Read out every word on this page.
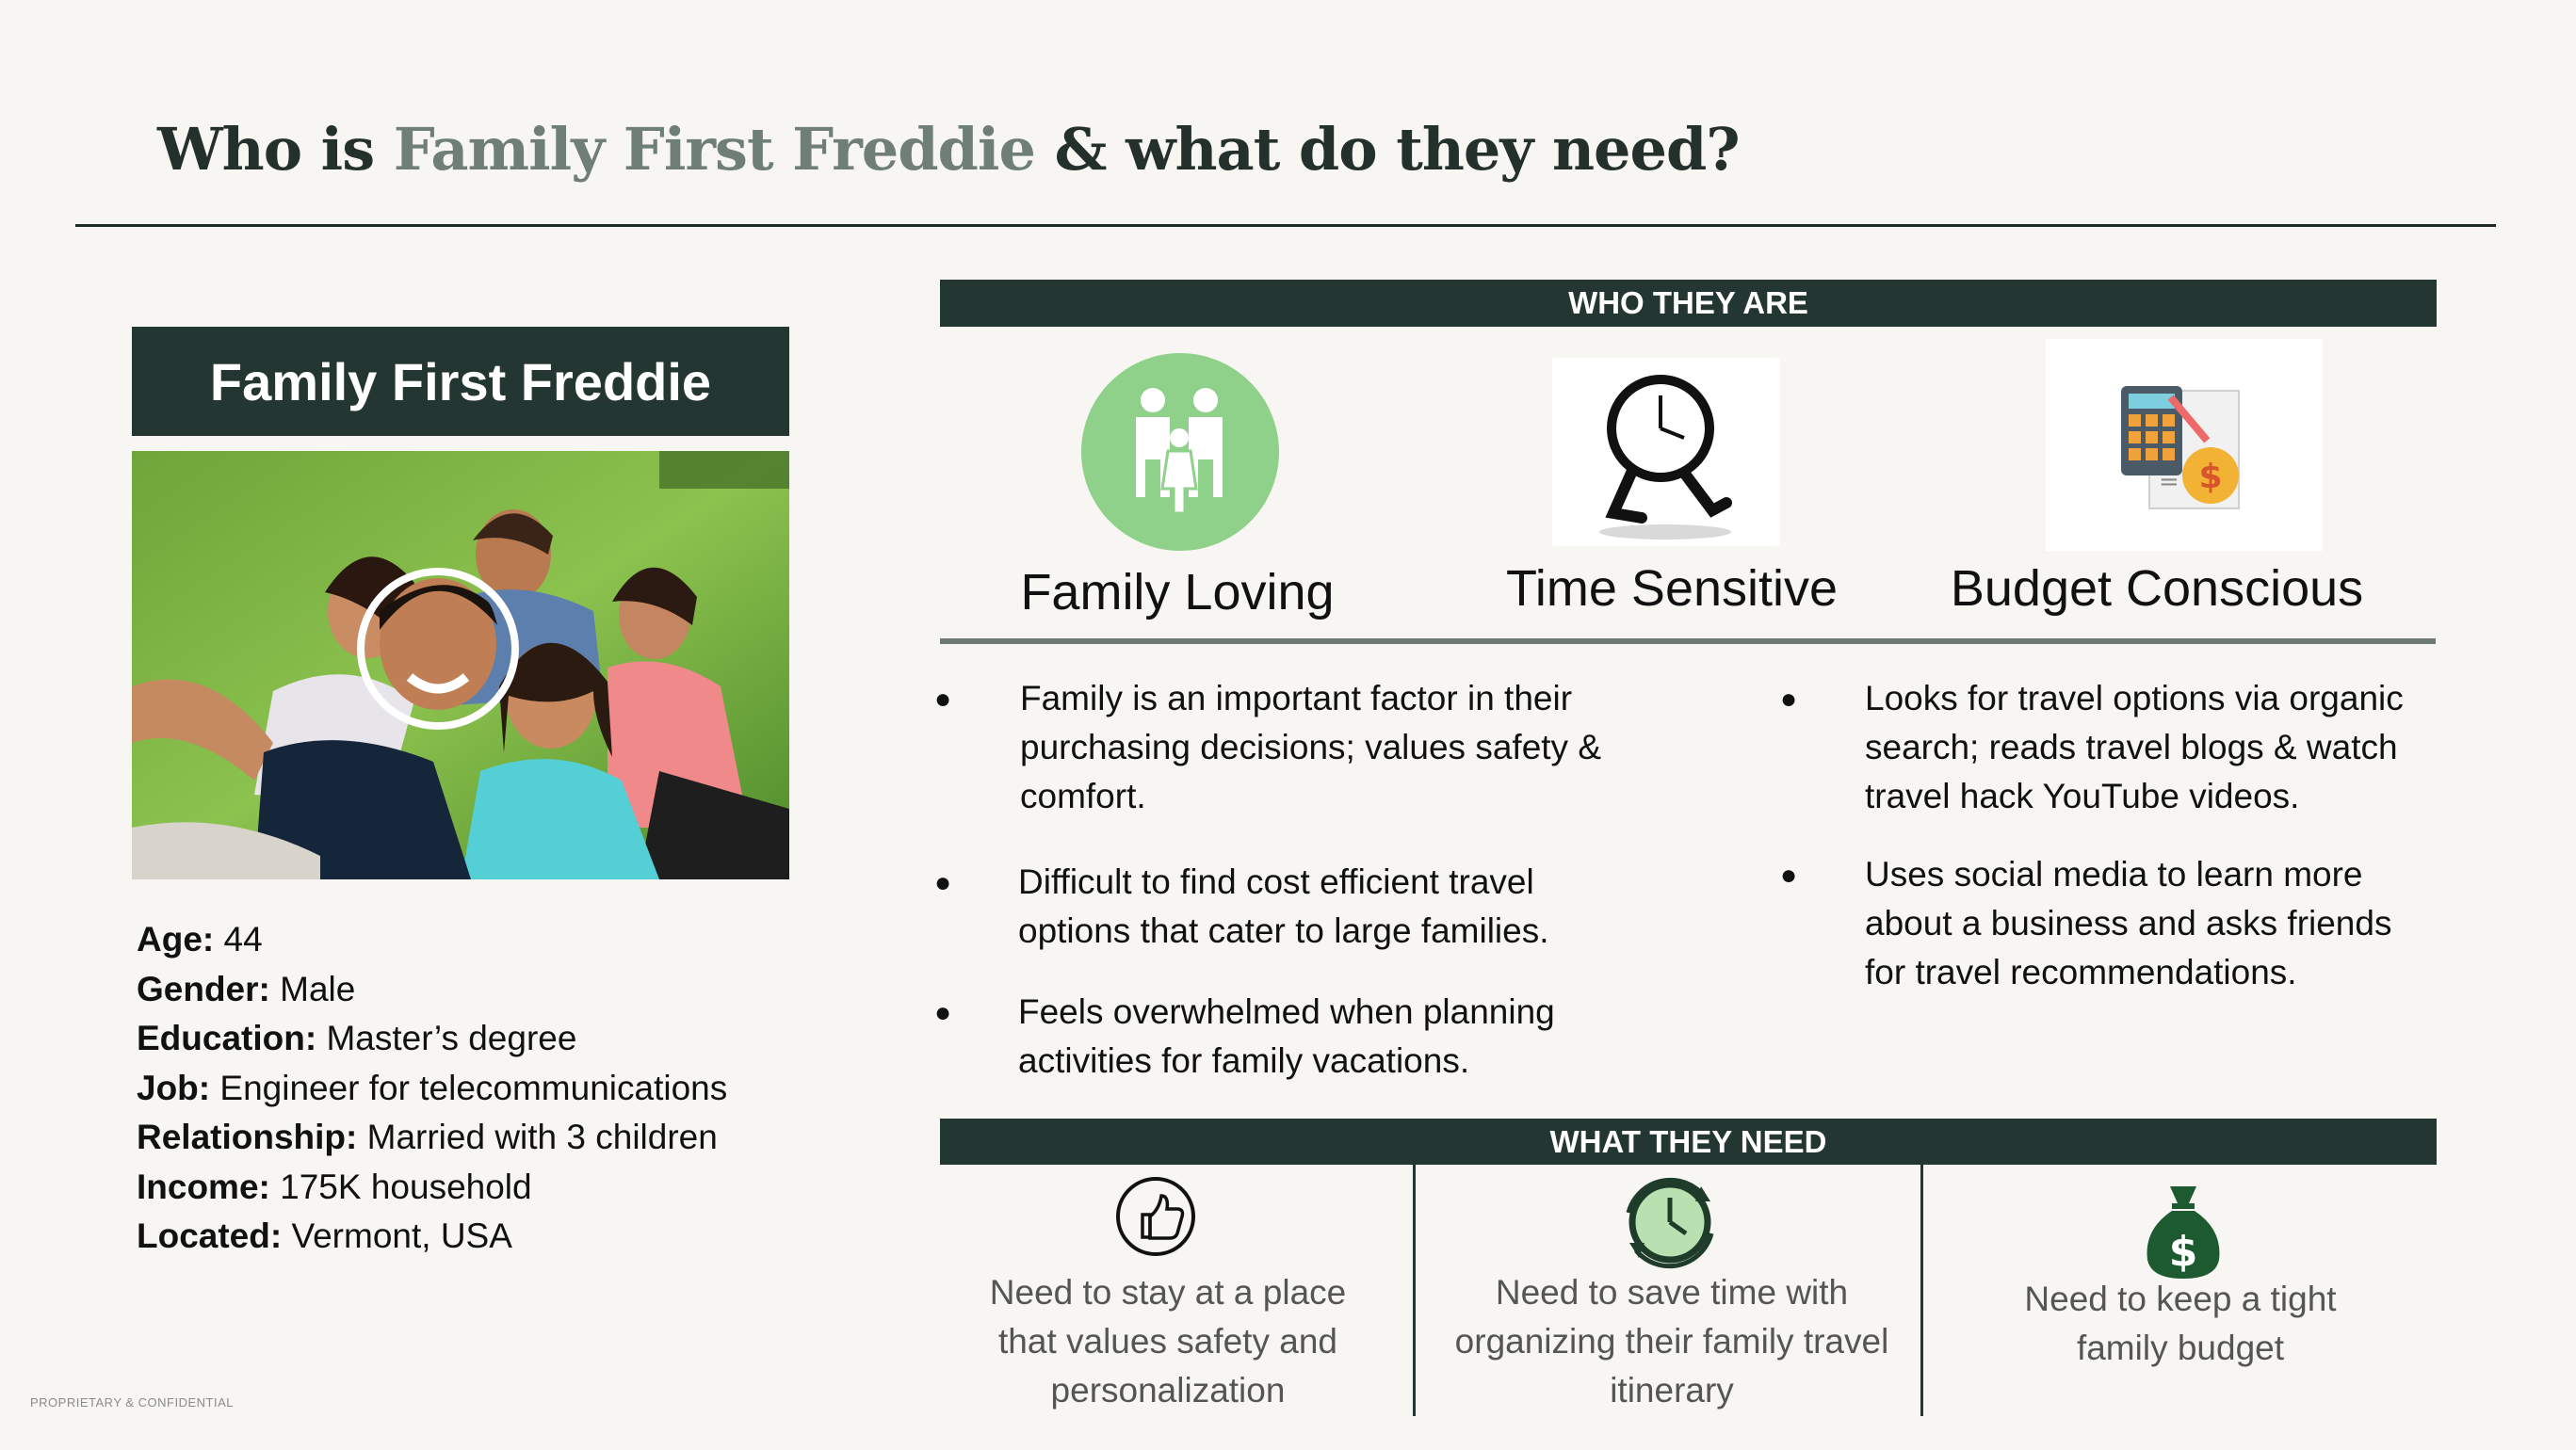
Who is Family First Freddie & what do they need?
Family First Freddie
Age: 44
Gender: Male
Education: Master’s degree
Job: Engineer for telecommunications
Relationship: Married with 3 children
Income: 175K household
Located: Vermont, USA
PROPRIETARY & CONFIDENTIAL
WHO THEY ARE
Family Loving	Time Sensitive
$
=
Budget Conscious
● Family is an important factor in their purchasing decisions; values safety & comfort.
● Difficult to find cost efficient travel options that cater to large families.
● Feels overwhelmed when planning activities for family vacations.
● Looks for travel options via organic search; reads travel blogs & watch travel hack YouTube videos.
● Uses social media to learn more about a business and asks friends for travel recommendations.
WHAT THEY NEED
Need to stay at a place that values safety and personalization
Need to save time with organizing their family travel itinerary
$
Need to keep a tight family budget
